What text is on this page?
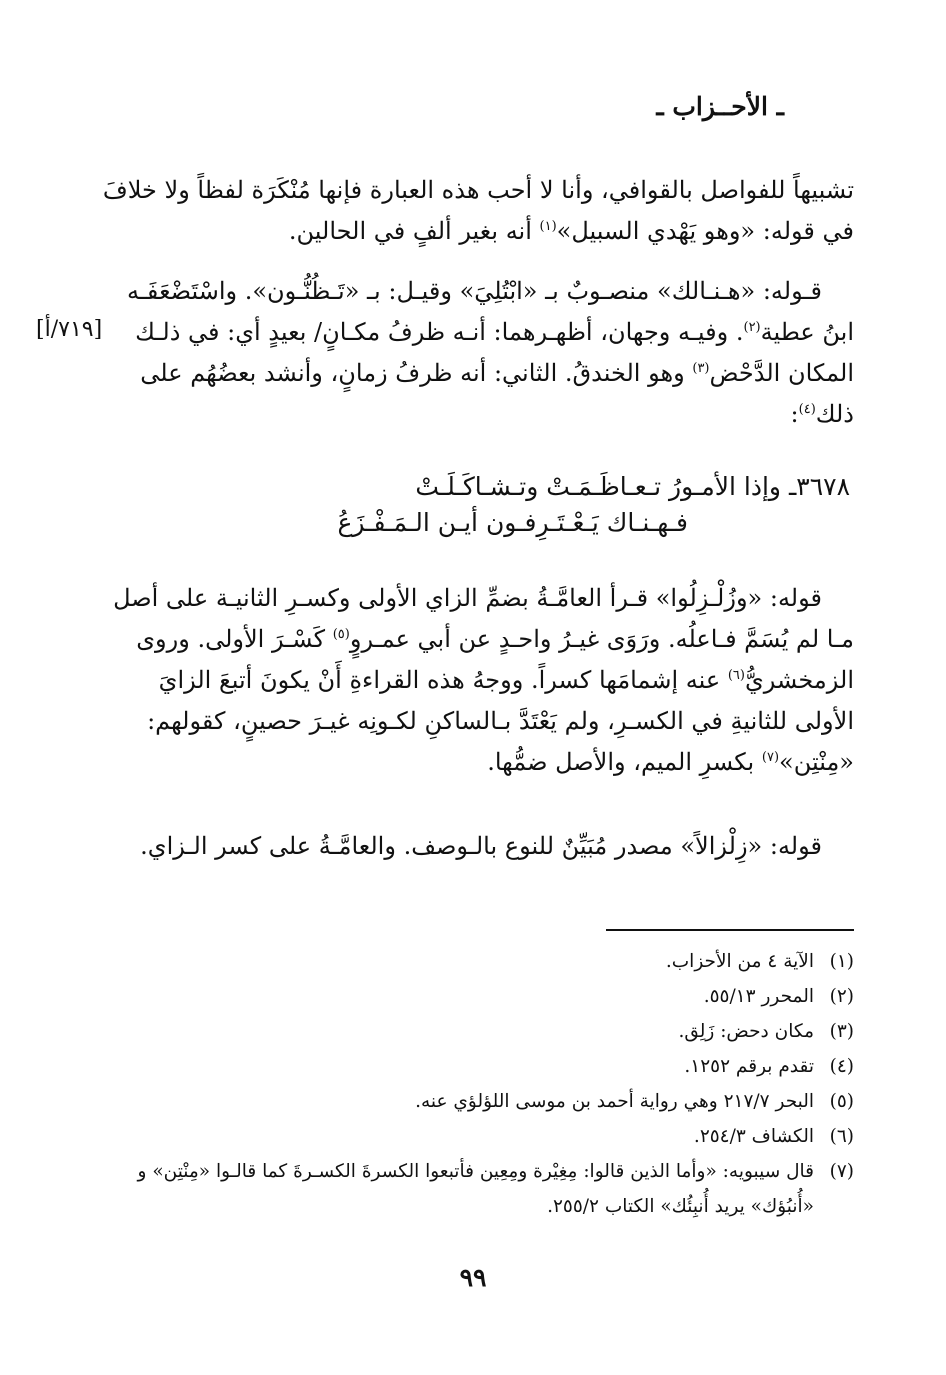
ـ الأحــزاب ـ

تشبيهاً للفواصل بالقوافي، وأنا لا أحب هذه العبارة فإنها مُنْكَرَة لفظاً ولا خلافَ
في قوله: «وهو يَهْدي السبيل»$^{(١)}$ أنه بغير ألفٍ في الحالين.

قـوله: «هـنـالك» منصـوبٌ بـ «ابْتُلِيَ» وقيـل: بـ «تَـظُنُّـون». واسْتَضْعَفَـه ابنُ عطية$^{(٢)}$. وفيـه وجهان، أظهـرهما: أنـه ظرفُ مكـانٍ/ بعيدٍ أي: في ذلـك المكان الدَّحْض$^{(٣)}$ وهو الخندقُ. الثاني: أنه ظرفُ زمانٍ، وأنشد بعضُهُم على ذلك$^{(٤)}$:

[٧١٩/أ]
٣٦٧٨ـ وإذا الأمـورُ تـعـاظَـمَـتْ وتـشـاكَـلَـتْ
فـهـنـاك يَـعْـتَـرِفـون أيـن الـمَـفْـزَعُ

قوله: «وزُلْـزِلُوا» قـرأ العامَّـةُ بضمِّ الزاي الأولى وكسـرِ الثانيـة على أصل مـا لم يُسَمَّ فـاعلُه. ورَوَى غيـرُ واحـدٍ عن أبي عمـروٍ$^{(٥)}$ كَسْـرَ الأولى. وروى الزمخشريُّ$^{(٦)}$ عنه إشمامَها كسراً. ووجهُ هذه القراءةِ أَنْ يكونَ أتبعَ الزايَ الأولى للثانيةِ في الكسـرِ، ولم يَعْتَدَّ بـالساكنِ لكـونِه غيـرَ حصينٍ، كقولهم: «مِنْتِن»$^{(٧)}$ بكسرِ الميم، والأصل ضمُّها.

قوله: «زِلْزالاً» مصدر مُبَيِّنٌ للنوع بالـوصف. والعامَّـةُ على كسر الـزاي.

(١)
الآية ٤ من الأحزاب.
(٢)
المحرر ٥٥/١٣.
(٣)
مكان دحض: زَلِق.
(٤)
تقدم برقم ١٢٥٢.
(٥)
البحر ٢١٧/٧ وهي رواية أحمد بن موسى اللؤلؤي عنه.
(٦)
الكشاف ٢٥٤/٣.
(٧)
قال سيبويه: «وأما الذين قالوا: مِغِيْرة ومِعِين فأتبعوا الكسرةَ الكسـرةَ كما قالـوا «مِنْتِن» و «أُنبُؤك» يريد أُنبِئُك» الكتاب ٢٥٥/٢.
٩٩
